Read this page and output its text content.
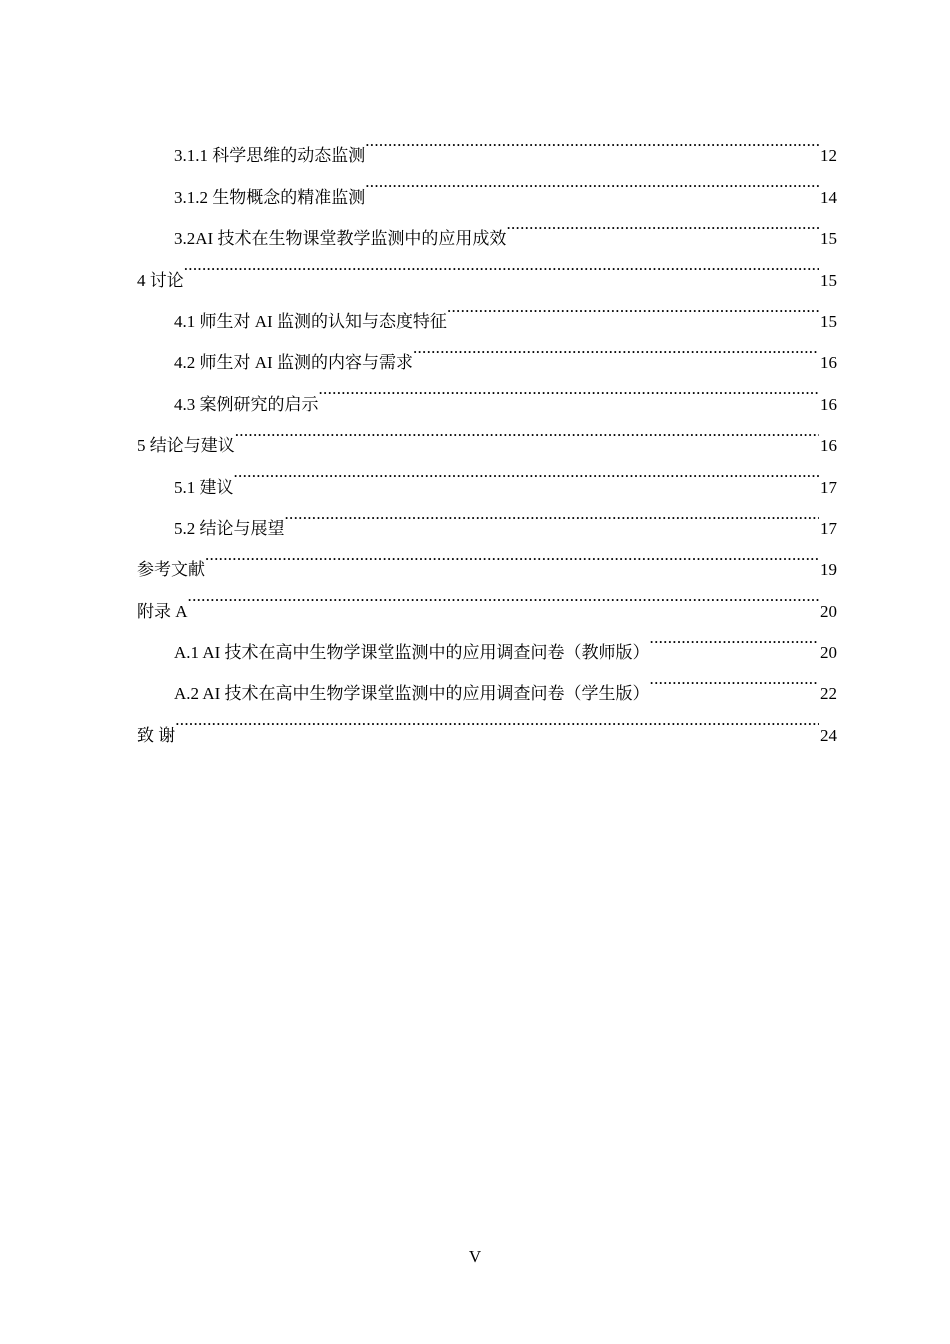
3.1.1 科学思维的动态监测 .....	12
3.1.2 生物概念的精准监测 .....	14
3.2AI 技术在生物课堂教学监测中的应用成效 .....	15
4 讨论 .....	15
4.1 师生对 AI 监测的认知与态度特征 .....	15
4.2 师生对 AI 监测的内容与需求 .....	16
4.3 案例研究的启示 .....	16
5 结论与建议 .....	16
5.1 建议 .....	17
5.2 结论与展望 .....	17
参考文献 .....	19
附录 A .....	20
A.1 AI 技术在高中生物学课堂监测中的应用调查问卷（教师版） .....	20
A.2 AI 技术在高中生物学课堂监测中的应用调查问卷（学生版） .....	22
致 谢 .....	24
V
